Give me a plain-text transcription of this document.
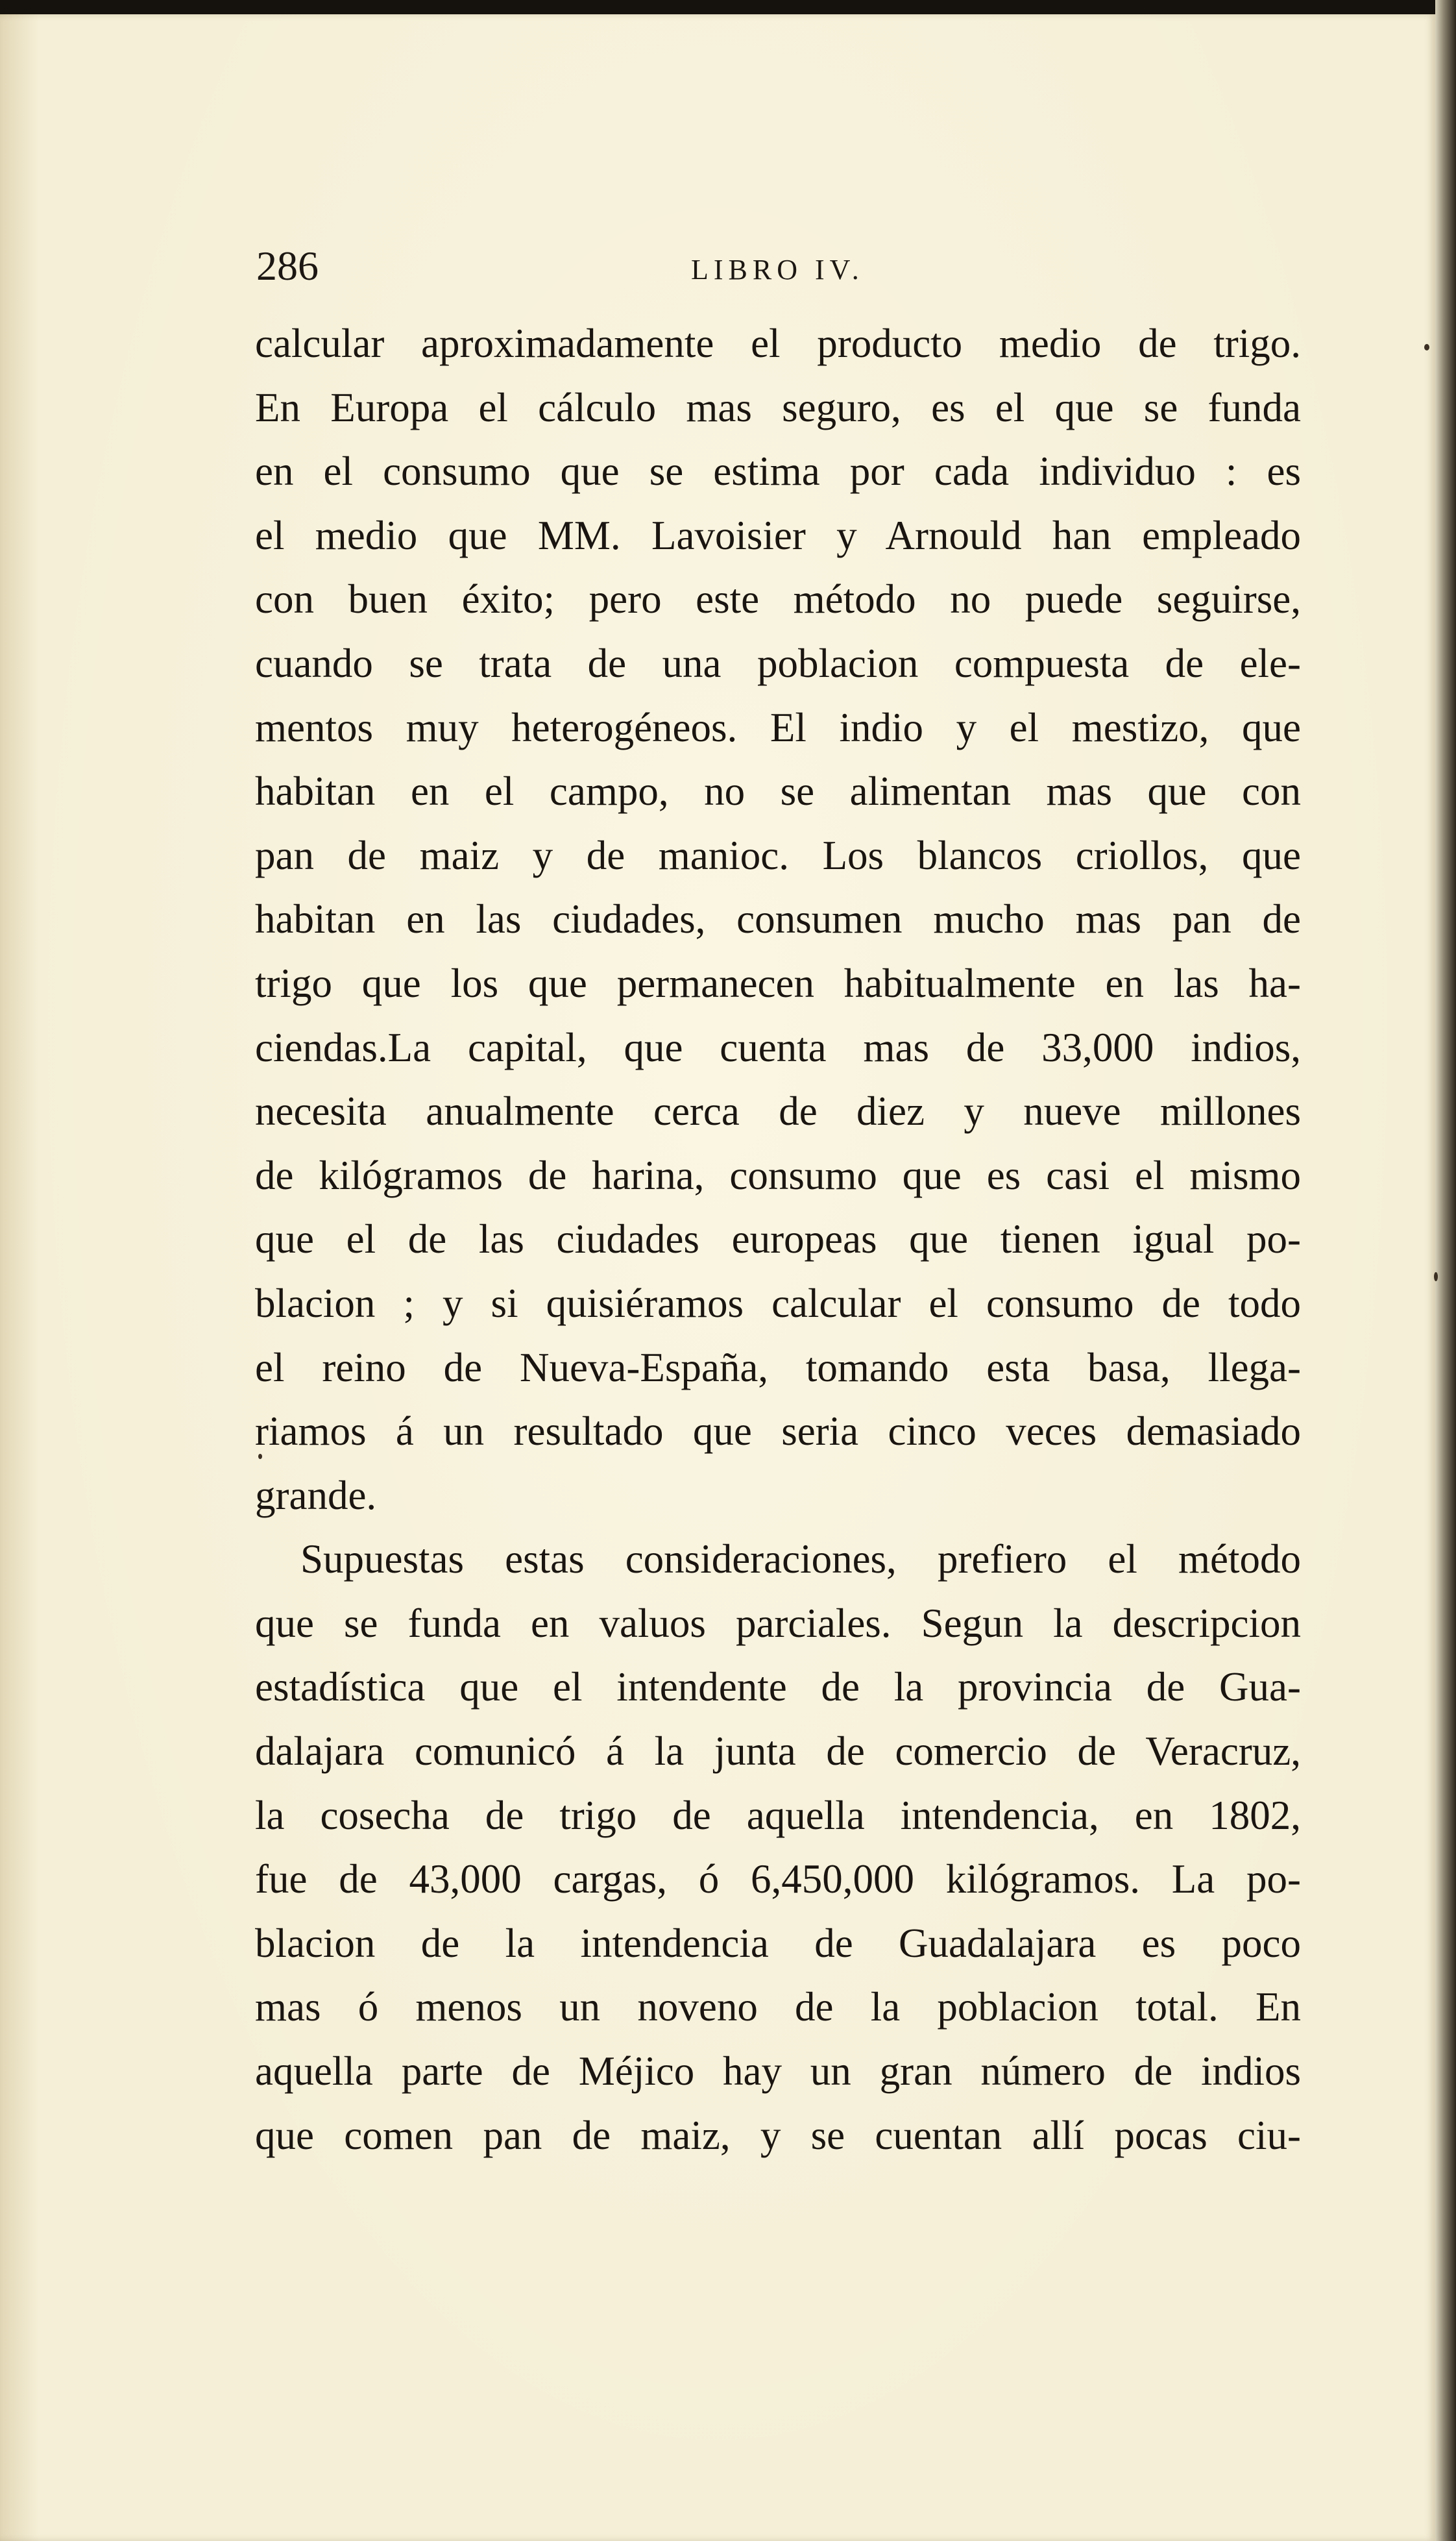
286	LIBRO IV.
calcular aproximadamente el producto medio de trigo.
En Europa el cálculo mas seguro, es el que se funda
en el consumo que se estima por cada individuo : es
el medio que MM. Lavoisier y Arnould han empleado
con buen éxito; pero este método no puede seguirse,
cuando se trata de una poblacion compuesta de ele-
mentos muy heterogéneos. El indio y el mestizo, que
habitan en el campo, no se alimentan mas que con
pan de maiz y de manioc. Los blancos criollos, que
habitan en las ciudades, consumen mucho mas pan de
trigo que los que permanecen habitualmente en las ha-
ciendas.La capital, que cuenta mas de 33,000 indios,
necesita anualmente cerca de diez y nueve millones
de kilógramos de harina, consumo que es casi el mismo
que el de las ciudades europeas que tienen igual po-
blacion ; y si quisiéramos calcular el consumo de todo
el reino de Nueva-España, tomando esta basa, llega-
riamos á un resultado que seria cinco veces demasiado
grande.
Supuestas estas consideraciones, prefiero el método
que se funda en valuos parciales. Segun la descripcion
estadística que el intendente de la provincia de Gua-
dalajara comunicó á la junta de comercio de Veracruz,
la cosecha de trigo de aquella intendencia, en 1802,
fue de 43,000 cargas, ó 6,450,000 kilógramos. La po-
blacion de la intendencia de Guadalajara es poco
mas ó menos un noveno de la poblacion total. En
aquella parte de Méjico hay un gran número de indios
que comen pan de maiz, y se cuentan allí pocas ciu-
